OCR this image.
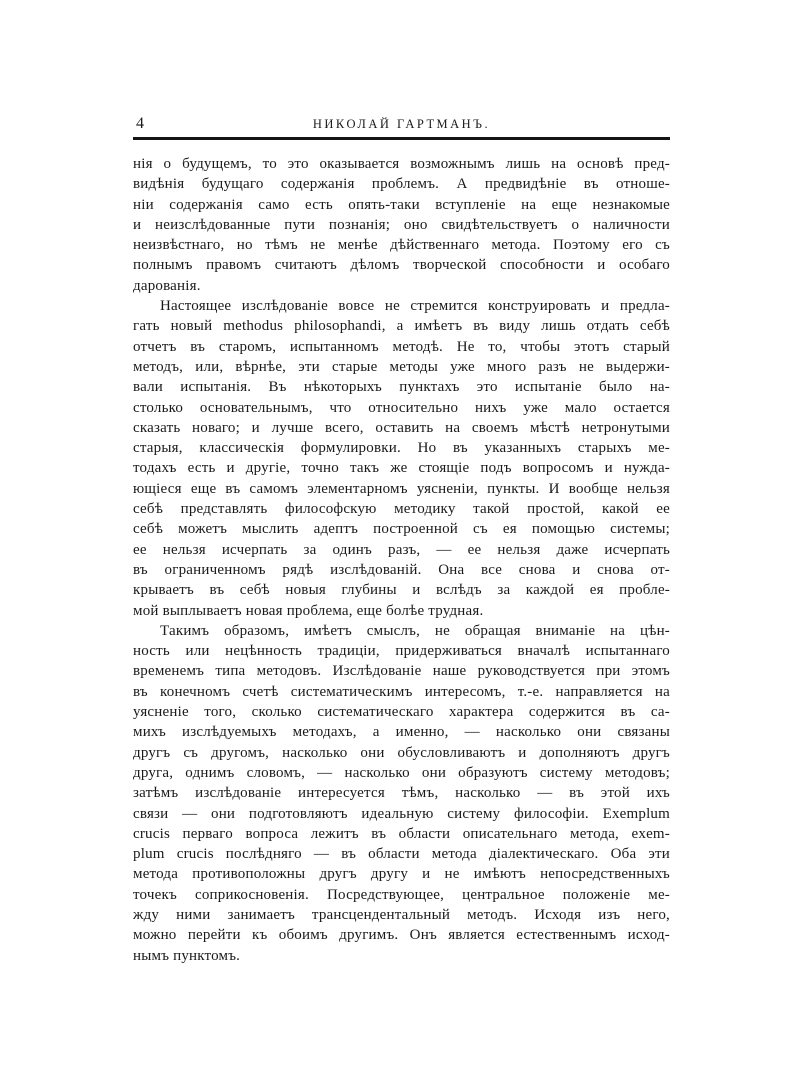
4	НИКОЛАЙ ГАРТМАНЪ.
нія о будущемъ, то это оказывается возможнымъ лишь на основѣ пред-
видѣнія будущаго содержанія проблемъ. А предвидѣніе въ отноше-
ніи содержанія само есть опять-таки вступленіе на еще незнакомые
и неизслѣдованные пути познанія; оно свидѣтельствуетъ о наличности
неизвѣстнаго, но тѣмъ не менѣе дѣйственнаго метода. Поэтому его съ
полнымъ правомъ считаютъ дѣломъ творческой способности и особаго
дарованія.
Настоящее изслѣдованіе вовсе не стремится конструировать и предла-
гать новый methodus philosophandi, а имѣетъ въ виду лишь отдать себѣ
отчетъ въ старомъ, испытанномъ методѣ. Не то, чтобы этотъ старый
методъ, или, вѣрнѣе, эти старые методы уже много разъ не выдержи-
вали испытанія. Въ нѣкоторыхъ пунктахъ это испытаніе было на-
столько основательнымъ, что относительно нихъ уже мало остается
сказать новаго; и лучше всего, оставить на своемъ мѣстѣ нетронутыми
старыя, классическія формулировки. Но въ указанныхъ старыхъ ме-
тодахъ есть и другіе, точно такъ же стоящіе подъ вопросомъ и нужда-
ющіеся еще въ самомъ элементарномъ уясненіи, пункты. И вообще нельзя
себѣ представлять философскую методику такой простой, какой ее
себѣ можетъ мыслить адептъ построенной съ ея помощью системы;
ее нельзя исчерпать за одинъ разъ, — ее нельзя даже исчерпать
въ ограниченномъ рядѣ изслѣдованій. Она все снова и снова от-
крываетъ въ себѣ новыя глубины и вслѣдъ за каждой ея пробле-
мой выплываетъ новая проблема, еще болѣе трудная.
Такимъ образомъ, имѣетъ смыслъ, не обращая вниманіе на цѣн-
ность или нецѣнность традиціи, придерживаться вначалѣ испытаннаго
временемъ типа методовъ. Изслѣдованіе наше руководствуется при этомъ
въ конечномъ счетѣ систематическимъ интересомъ, т.-е. направляется на
уясненіе того, сколько систематическаго характера содержится въ са-
михъ изслѣдуемыхъ методахъ, а именно, — насколько они связаны
другъ съ другомъ, насколько они обусловливаютъ и дополняютъ другъ
друга, однимъ словомъ, — насколько они образуютъ систему методовъ;
затѣмъ изслѣдованіе интересуется тѣмъ, насколько — въ этой ихъ
связи — они подготовляютъ идеальную систему философіи. Exemplum
crucis перваго вопроса лежитъ въ области описательнаго метода, exem-
plum crucis послѣдняго — въ области метода діалектическаго. Оба эти
метода противоположны другъ другу и не имѣютъ непосредственныхъ
точекъ соприкосновенія. Посредствующее, центральное положеніе ме-
жду ними занимаетъ трансцендентальный методъ. Исходя изъ него,
можно перейти къ обоимъ другимъ. Онъ является естественнымъ исход-
нымъ пунктомъ.
